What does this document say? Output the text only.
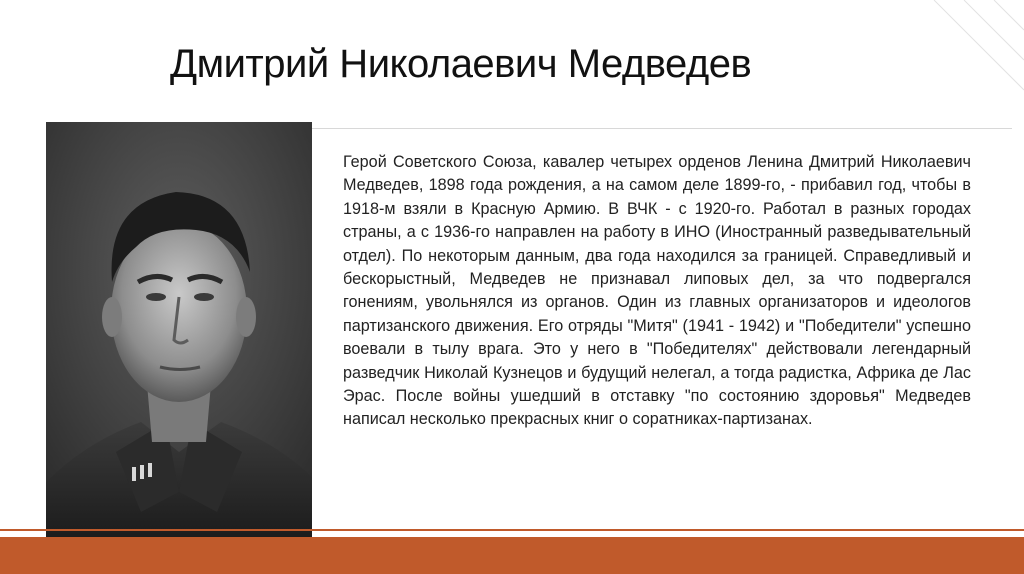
Дмитрий Николаевич Медведев
Герой Советского Союза, кавалер четырех орденов Ленина Дмитрий Николаевич Медведев, 1898 года рождения, а на самом деле 1899-го, - прибавил год, чтобы в 1918-м взяли в Красную Армию. В ВЧК - с 1920-го. Работал в разных городах страны, а с 1936-го направлен на работу в ИНО (Иностранный разведывательный отдел). По некоторым данным, два года находился за границей. Справедливый и бескорыстный, Медведев не признавал липовых дел, за что подвергался гонениям, увольнялся из органов. Один из главных организаторов и идеологов партизанского движения. Его отряды "Митя" (1941 - 1942) и "Победители" успешно воевали в тылу врага. Это у него в "Победителях" действовали легендарный разведчик Николай Кузнецов и будущий нелегал, а тогда радистка, Африка де Лас Эрас. После войны ушедший в отставку "по состоянию здоровья" Медведев написал несколько прекрасных книг о соратниках-партизанах.
